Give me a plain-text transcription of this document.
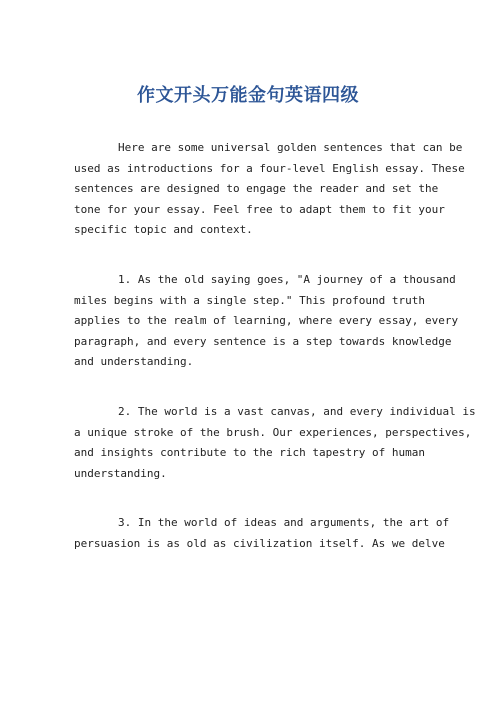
作文开头万能金句英语四级

Here are some universal golden sentences that can be
used as introductions for a four-level English essay. These
sentences are designed to engage the reader and set the
tone for your essay. Feel free to adapt them to fit your
specific topic and context.

1. As the old saying goes, "A journey of a thousand
miles begins with a single step." This profound truth
applies to the realm of learning, where every essay, every
paragraph, and every sentence is a step towards knowledge
and understanding.

2. The world is a vast canvas, and every individual is
a unique stroke of the brush. Our experiences, perspectives,
and insights contribute to the rich tapestry of human
understanding.

3. In the world of ideas and arguments, the art of
persuasion is as old as civilization itself. As we delve
